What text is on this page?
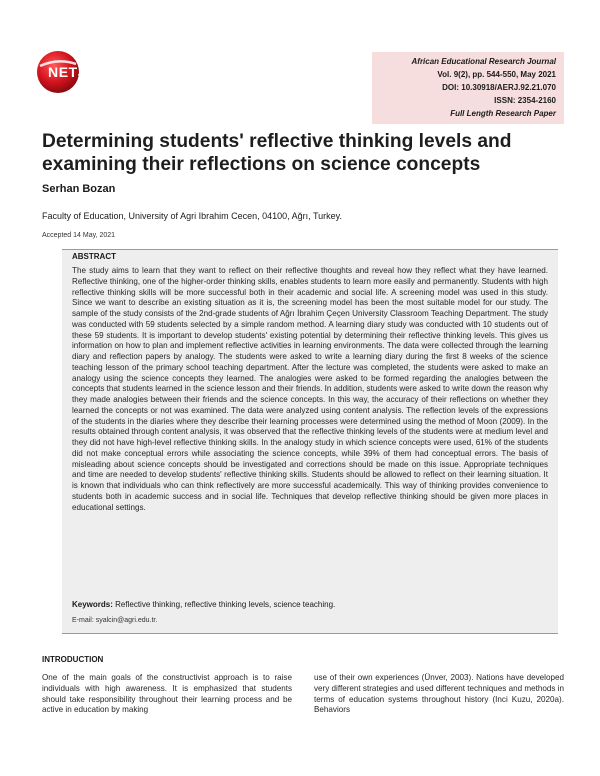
NETJOURNALS
African Educational Research Journal
Vol. 9(2), pp. 544-550, May 2021
DOI: 10.30918/AERJ.92.21.070
ISSN: 2354-2160
Full Length Research Paper
Determining students' reflective thinking levels and examining their reflections on science concepts
Serhan Bozan
Faculty of Education, University of Agri Ibrahim Cecen, 04100, Ağrı, Turkey.
Accepted 14 May, 2021
ABSTRACT

The study aims to learn that they want to reflect on their reflective thoughts and reveal how they reflect what they have learned. Reflective thinking, one of the higher-order thinking skills, enables students to learn more easily and permanently. Students with high reflective thinking skills will be more successful both in their academic and social life. A screening model was used in this study. Since we want to describe an existing situation as it is, the screening model has been the most suitable model for our study. The sample of the study consists of the 2nd-grade students of Ağrı İbrahim Çeçen University Classroom Teaching Department. The study was conducted with 59 students selected by a simple random method. A learning diary study was conducted with 10 students out of these 59 students. It is important to develop students' existing potential by determining their reflective thinking levels. This gives us information on how to plan and implement reflective activities in learning environments. The data were collected through the learning diary and reflection papers by analogy. The students were asked to write a learning diary during the first 8 weeks of the science teaching lesson of the primary school teaching department. After the lecture was completed, the students were asked to make an analogy using the science concepts they learned. The analogies were asked to be formed regarding the analogies between the concepts that students learned in the science lesson and their friends. In addition, students were asked to write down the reason why they made analogies between their friends and the science concepts. In this way, the accuracy of their reflections on whether they learned the concepts or not was examined. The data were analyzed using content analysis. The reflection levels of the expressions of the students in the diaries where they describe their learning processes were determined using the method of Moon (2009). In the results obtained through content analysis, it was observed that the reflective thinking levels of the students were at medium level and they did not have high-level reflective thinking skills. In the analogy study in which science concepts were used, 61% of the students did not make conceptual errors while associating the science concepts, while 39% of them had conceptual errors. The basis of misleading about science concepts should be investigated and corrections should be made on this issue. Appropriate techniques and time are needed to develop students' reflective thinking skills. Students should be allowed to reflect on their learning situation. It is known that individuals who can think reflectively are more successful academically. This way of thinking provides convenience to students both in academic success and in social life. Techniques that develop reflective thinking should be given more places in educational settings.

Keywords: Reflective thinking, reflective thinking levels, science teaching.
E-mail: syalcin@agri.edu.tr.
INTRODUCTION

One of the main goals of the constructivist approach is to raise individuals with high awareness. It is emphasized that students should take responsibility throughout their learning process and be active in education by making

use of their own experiences (Ünver, 2003). Nations have developed very different strategies and used different techniques and methods in terms of education systems throughout history (Inci Kuzu, 2020a). Behaviors
